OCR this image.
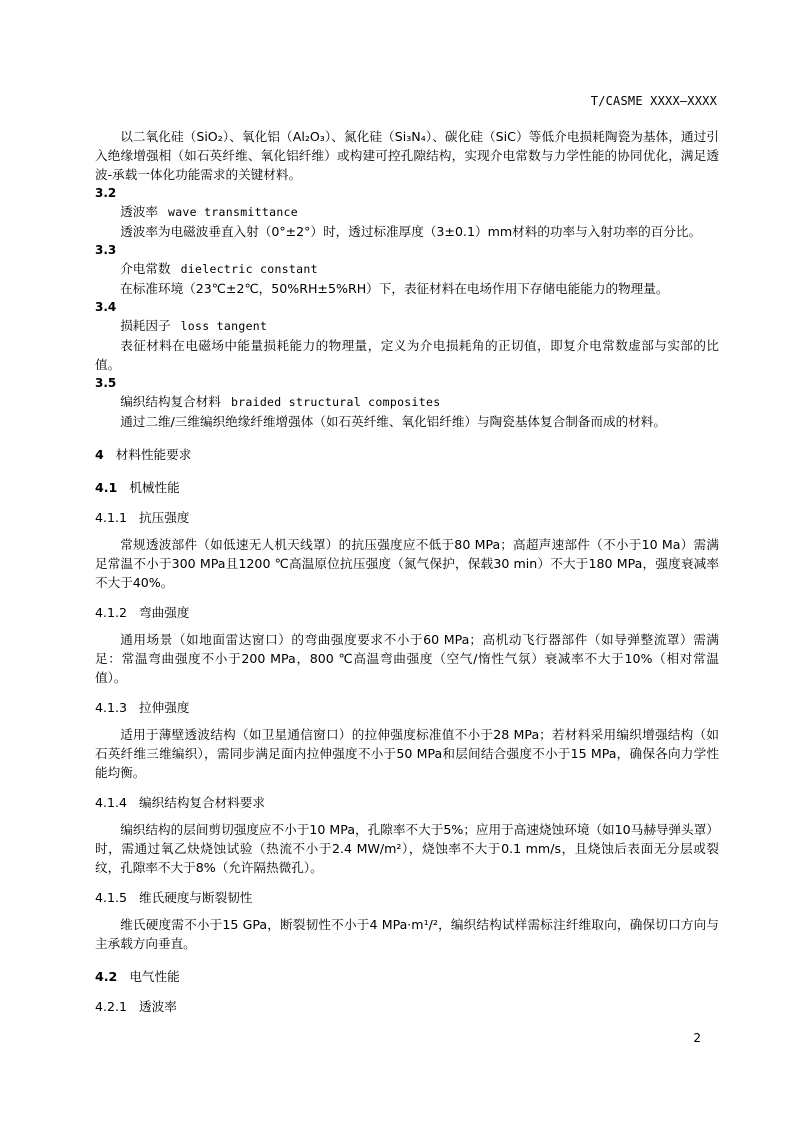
T/CASME XXXX—XXXX

以二氧化硅（SiO₂）、氧化铝（Al₂O₃）、氮化硅（Si₃N₄）、碳化硅（SiC）等低介电损耗陶瓷为基体，通过引入绝缘增强相（如石英纤维、氧化铝纤维）或构建可控孔隙结构，实现介电常数与力学性能的协同优化，满足透波-承载一体化功能需求的关键材料。

3.2

透波率 wave transmittance

透波率为电磁波垂直入射（0°±2°）时，透过标准厚度（3±0.1）mm材料的功率与入射功率的百分比。

3.3

介电常数 dielectric constant

在标准环境（23℃±2℃，50%RH±5%RH）下，表征材料在电场作用下存储电能能力的物理量。

3.4

损耗因子 loss tangent

表征材料在电磁场中能量损耗能力的物理量，定义为介电损耗角的正切值，即复介电常数虚部与实部的比值。

3.5

编织结构复合材料 braided structural composites

通过二维/三维编织绝缘纤维增强体（如石英纤维、氧化铝纤维）与陶瓷基体复合制备而成的材料。

4 材料性能要求

4.1 机械性能

4.1.1 抗压强度

常规透波部件（如低速无人机天线罩）的抗压强度应不低于80 MPa；高超声速部件（不小于10 Ma）需满足常温不小于300 MPa且1200 ℃高温原位抗压强度（氮气保护，保载30 min）不大于180 MPa，强度衰减率不大于40%。

4.1.2 弯曲强度

通用场景（如地面雷达窗口）的弯曲强度要求不小于60 MPa；高机动飞行器部件（如导弹整流罩）需满足：常温弯曲强度不小于200 MPa，800 ℃高温弯曲强度（空气/惰性气氛）衰减率不大于10%（相对常温值）。

4.1.3 拉伸强度

适用于薄壁透波结构（如卫星通信窗口）的拉伸强度标准值不小于28 MPa；若材料采用编织增强结构（如石英纤维三维编织），需同步满足面内拉伸强度不小于50 MPa和层间结合强度不小于15 MPa，确保各向力学性能均衡。

4.1.4 编织结构复合材料要求

编织结构的层间剪切强度应不小于10 MPa，孔隙率不大于5%；应用于高速烧蚀环境（如10马赫导弹头罩）时，需通过氧乙炔烧蚀试验（热流不小于2.4 MW/m²），烧蚀率不大于0.1 mm/s，且烧蚀后表面无分层或裂纹，孔隙率不大于8%（允许隔热微孔）。

4.1.5 维氏硬度与断裂韧性

维氏硬度需不小于15 GPa，断裂韧性不小于4 MPa·m¹/²，编织结构试样需标注纤维取向，确保切口方向与主承载方向垂直。

4.2 电气性能

4.2.1 透波率

2
